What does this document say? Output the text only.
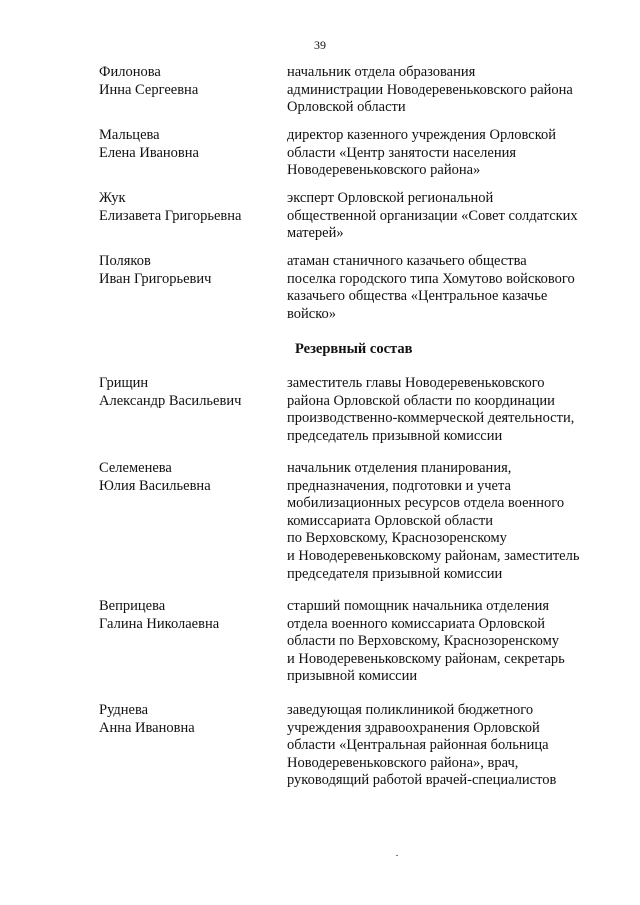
39
Филонова
Инна Сергеевна
начальник отдела образования
администрации Новодеревеньковского района
Орловской области
Мальцева
Елена Ивановна
директор казенного учреждения Орловской
области «Центр занятости населения
Новодеревеньковского района»
Жук
Елизавета Григорьевна
эксперт Орловской региональной
общественной организации «Совет солдатских
матерей»
Поляков
Иван Григорьевич
атаман станичного казачьего общества
поселка городского типа Хомутово войскового
казачьего общества «Центральное казачье
войско»
Резервный состав
Грищин
Александр Васильевич
заместитель главы Новодеревеньковского
района Орловской области по координации
производственно-коммерческой деятельности,
председатель призывной комиссии
Селеменева
Юлия Васильевна
начальник отделения планирования,
предназначения, подготовки и учета
мобилизационных ресурсов отдела военного
комиссариата Орловской области
по Верховскому, Краснозоренскому
и Новодеревеньковскому районам, заместитель
председателя призывной комиссии
Веприцева
Галина Николаевна
старший помощник начальника отделения
отдела военного комиссариата Орловской
области по Верховскому, Краснозоренскому
и Новодеревеньковскому районам, секретарь
призывной комиссии
Руднева
Анна Ивановна
заведующая поликлиникой бюджетного
учреждения здравоохранения Орловской
области «Центральная районная больница
Новодеревеньковского района», врач,
руководящий работой врачей-специалистов
